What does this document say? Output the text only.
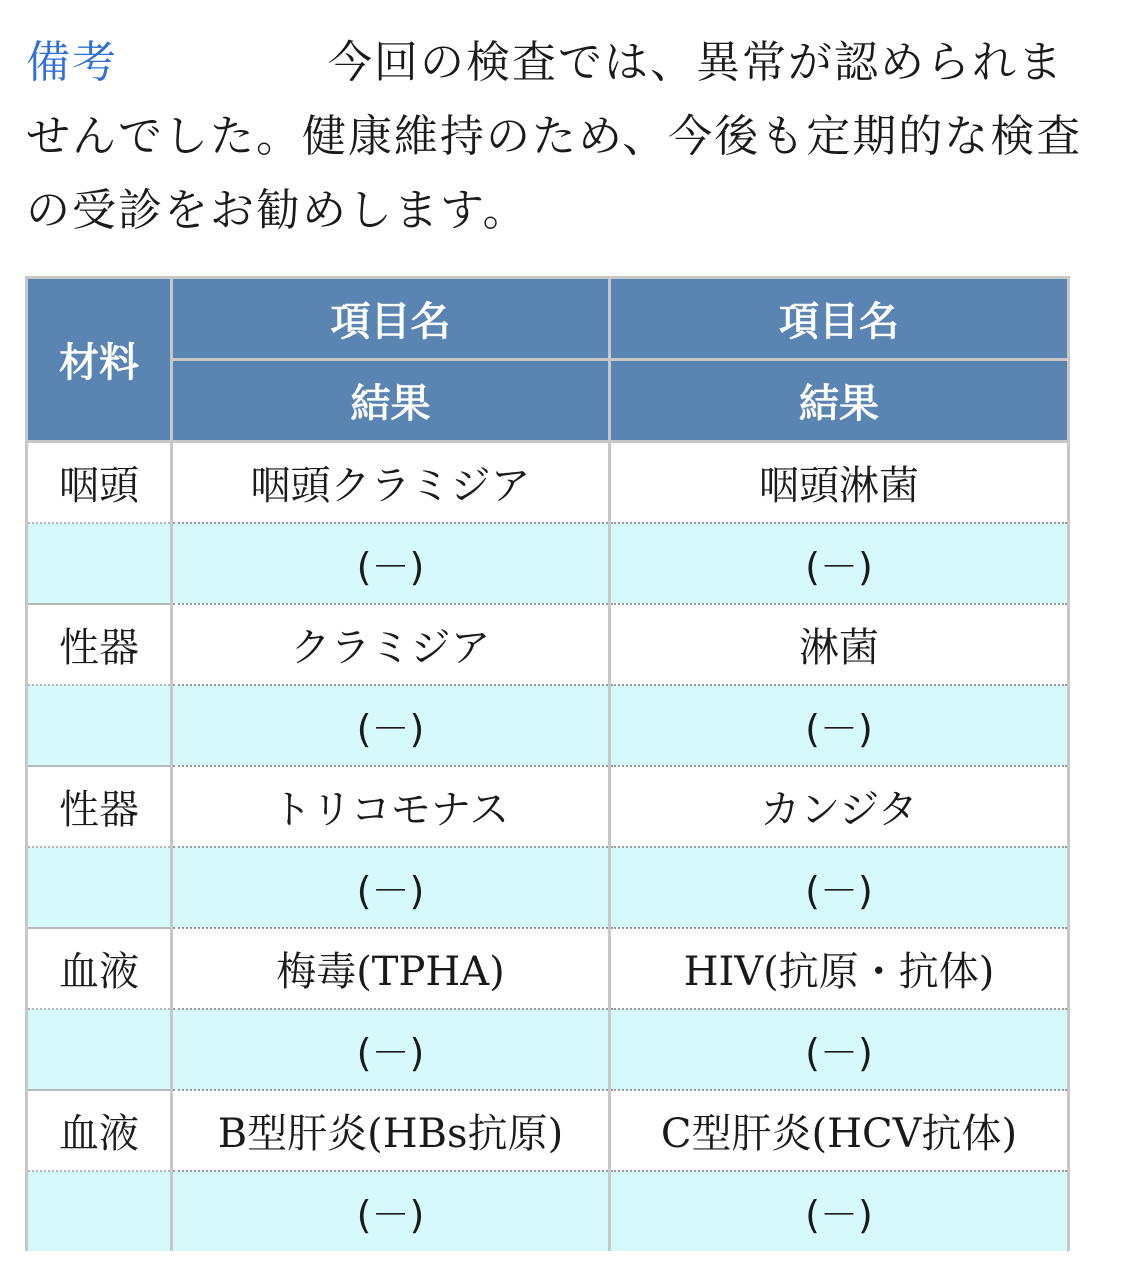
備考	今回の検査では、異常が認められませんでした。健康維持のため、今後も定期的な検査の受診をお勧めします。
材料	項目名	項目名
	結果	結果
咽頭	咽頭クラミジア	咽頭淋菌
	(－)	(－)
性器	クラミジア	淋菌
	(－)	(－)
性器	トリコモナス	カンジタ
	(－)	(－)
血液	梅毒(TPHA)	HIV(抗原・抗体)
	(－)	(－)
血液	B型肝炎(HBs抗原)	C型肝炎(HCV抗体)
	(－)	(－)
